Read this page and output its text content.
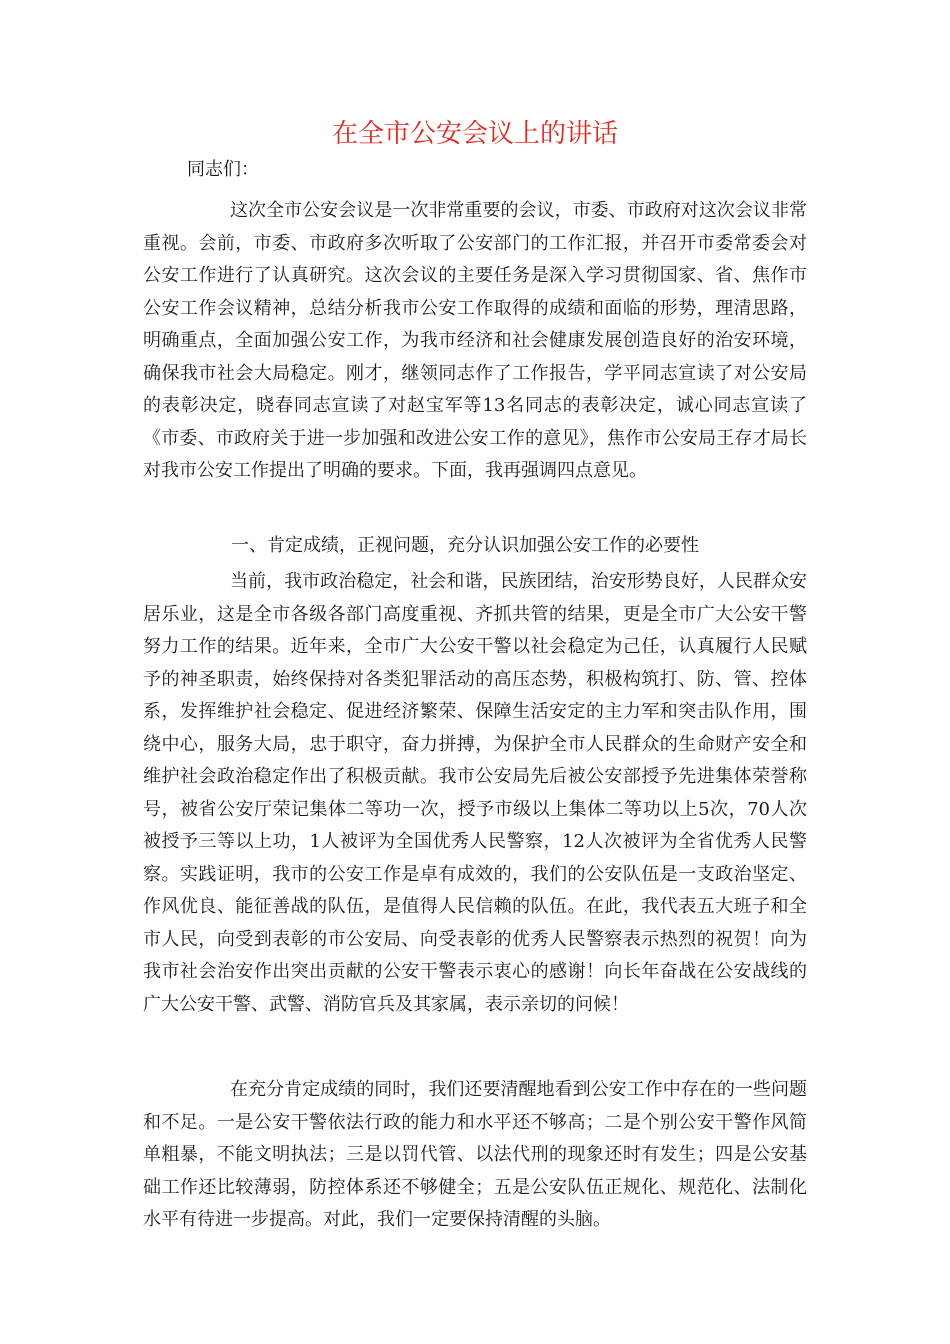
在全市公安会议上的讲话

同志们：

这次全市公安会议是一次非常重要的会议，市委、市政府对这次会议非常重视。会前，市委、市政府多次听取了公安部门的工作汇报，并召开市委常委会对公安工作进行了认真研究。这次会议的主要任务是深入学习贯彻国家、省、焦作市公安工作会议精神，总结分析我市公安工作取得的成绩和面临的形势，理清思路，明确重点，全面加强公安工作，为我市经济和社会健康发展创造良好的治安环境，确保我市社会大局稳定。刚才，继领同志作了工作报告，学平同志宣读了对公安局的表彰决定，晓春同志宣读了对赵宝军等13名同志的表彰决定，诚心同志宣读了《市委、市政府关于进一步加强和改进公安工作的意见》，焦作市公安局王存才局长对我市公安工作提出了明确的要求。下面，我再强调四点意见。

一、肯定成绩，正视问题，充分认识加强公安工作的必要性

当前，我市政治稳定，社会和谐，民族团结，治安形势良好，人民群众安居乐业，这是全市各级各部门高度重视、齐抓共管的结果，更是全市广大公安干警努力工作的结果。近年来，全市广大公安干警以社会稳定为己任，认真履行人民赋予的神圣职责，始终保持对各类犯罪活动的高压态势，积极构筑打、防、管、控体系，发挥维护社会稳定、促进经济繁荣、保障生活安定的主力军和突击队作用，围绕中心，服务大局，忠于职守，奋力拼搏，为保护全市人民群众的生命财产安全和维护社会政治稳定作出了积极贡献。我市公安局先后被公安部授予先进集体荣誉称号，被省公安厅荣记集体二等功一次，授予市级以上集体二等功以上5次，70人次被授予三等以上功，1人被评为全国优秀人民警察，12人次被评为全省优秀人民警察。实践证明，我市的公安工作是卓有成效的，我们的公安队伍是一支政治坚定、作风优良、能征善战的队伍，是值得人民信赖的队伍。在此，我代表五大班子和全市人民，向受到表彰的市公安局、向受表彰的优秀人民警察表示热烈的祝贺！向为我市社会治安作出突出贡献的公安干警表示衷心的感谢！向长年奋战在公安战线的广大公安干警、武警、消防官兵及其家属，表示亲切的问候！

在充分肯定成绩的同时，我们还要清醒地看到公安工作中存在的一些问题和不足。一是公安干警依法行政的能力和水平还不够高；二是个别公安干警作风简单粗暴，不能文明执法；三是以罚代管、以法代刑的现象还时有发生；四是公安基础工作还比较薄弱，防控体系还不够健全；五是公安队伍正规化、规范化、法制化水平有待进一步提高。对此，我们一定要保持清醒的头脑。
